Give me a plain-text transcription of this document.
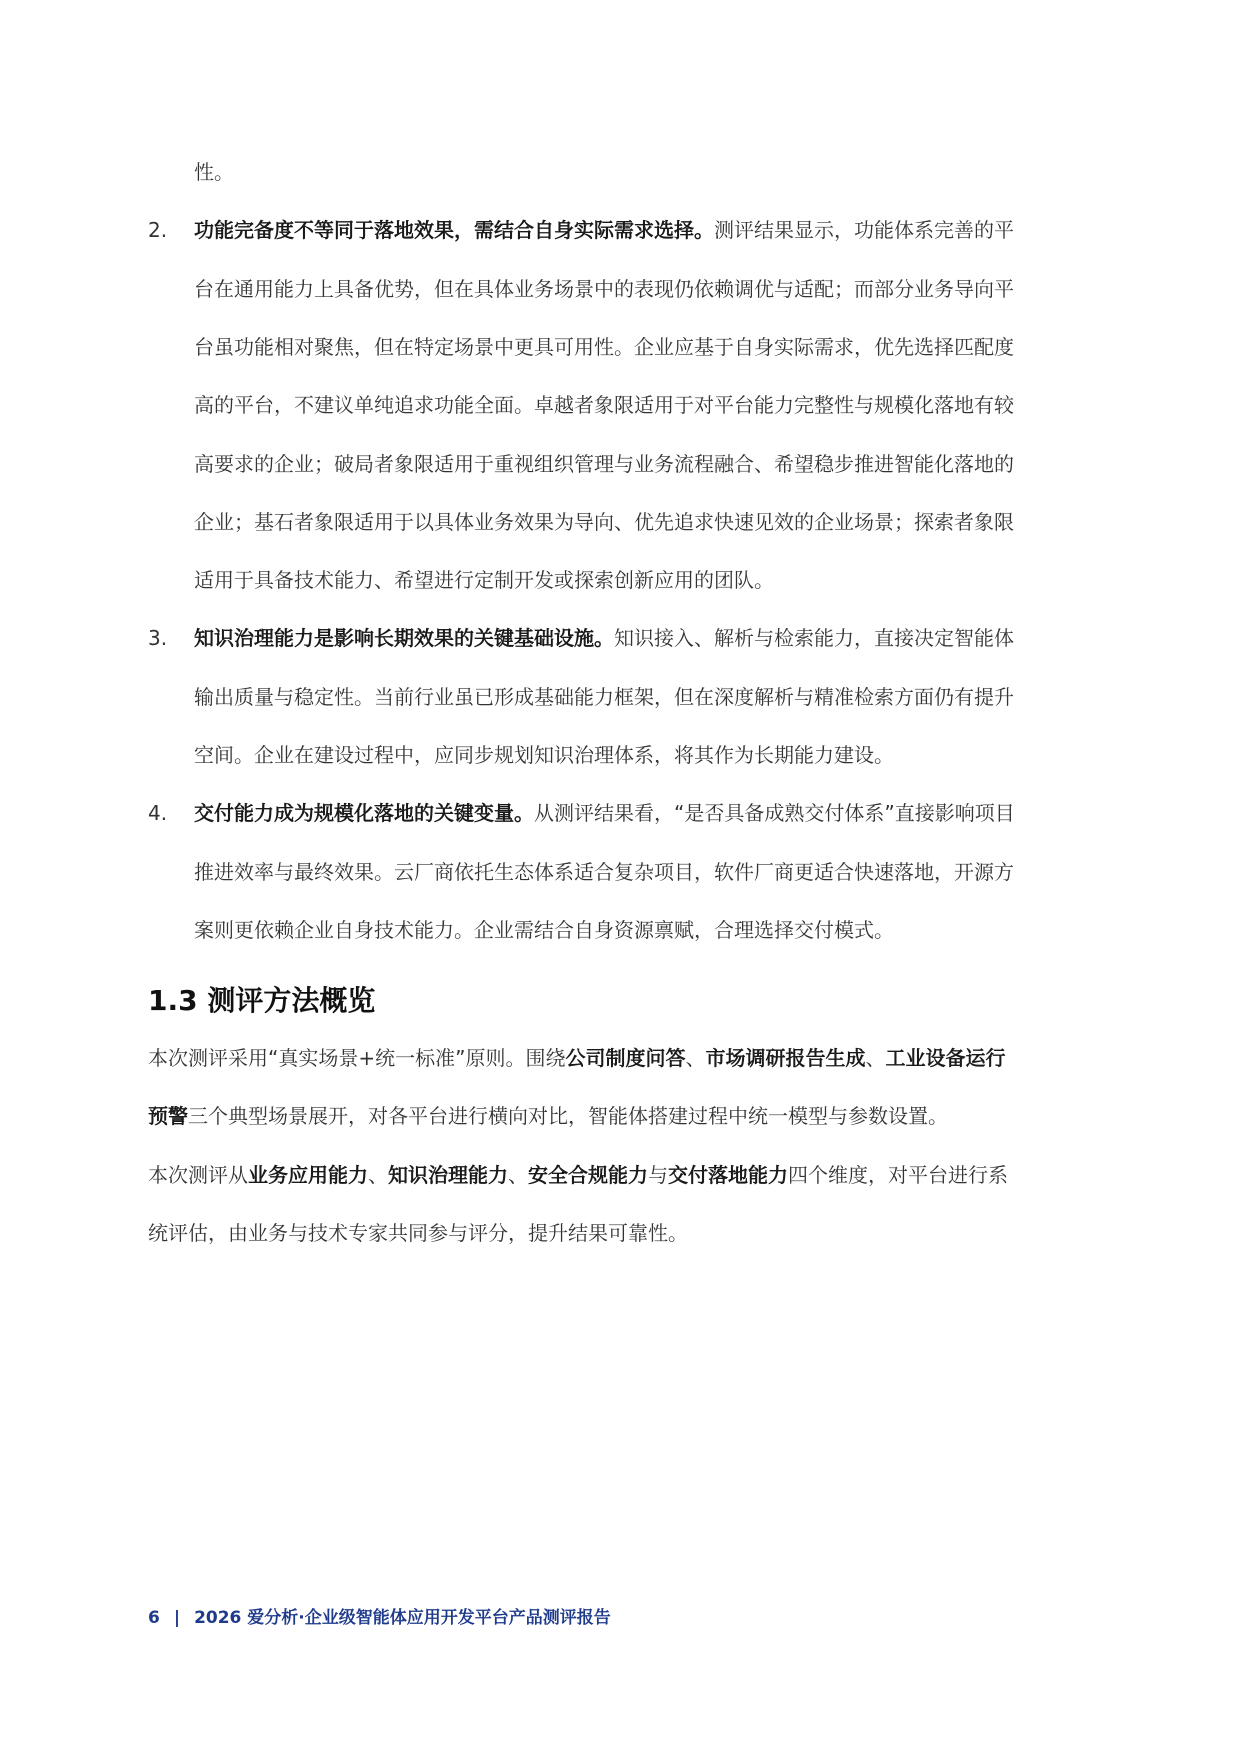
性。
2. 功能完备度不等同于落地效果，需结合自身实际需求选择。测评结果显示，功能体系完善的平
台在通用能力上具备优势，但在具体业务场景中的表现仍依赖调优与适配；而部分业务导向平
台虽功能相对聚焦，但在特定场景中更具可用性。企业应基于自身实际需求，优先选择匹配度
高的平台，不建议单纯追求功能全面。卓越者象限适用于对平台能力完整性与规模化落地有较
高要求的企业；破局者象限适用于重视组织管理与业务流程融合、希望稳步推进智能化落地的
企业；基石者象限适用于以具体业务效果为导向、优先追求快速见效的企业场景；探索者象限
适用于具备技术能力、希望进行定制开发或探索创新应用的团队。
3. 知识治理能力是影响长期效果的关键基础设施。知识接入、解析与检索能力，直接决定智能体
输出质量与稳定性。当前行业虽已形成基础能力框架，但在深度解析与精准检索方面仍有提升
空间。企业在建设过程中，应同步规划知识治理体系，将其作为长期能力建设。
4. 交付能力成为规模化落地的关键变量。从测评结果看，“是否具备成熟交付体系”直接影响项目
推进效率与最终效果。云厂商依托生态体系适合复杂项目，软件厂商更适合快速落地，开源方
案则更依赖企业自身技术能力。企业需结合自身资源禀赋，合理选择交付模式。
1.3 测评方法概览
本次测评采用“真实场景+统一标准”原则。围绕公司制度问答、市场调研报告生成、工业设备运行
预警三个典型场景展开，对各平台进行横向对比，智能体搭建过程中统一模型与参数设置。
本次测评从业务应用能力、知识治理能力、安全合规能力与交付落地能力四个维度，对平台进行系
统评估，由业务与技术专家共同参与评分，提升结果可靠性。
6 | 2026 爱分析·企业级智能体应用开发平台产品测评报告
